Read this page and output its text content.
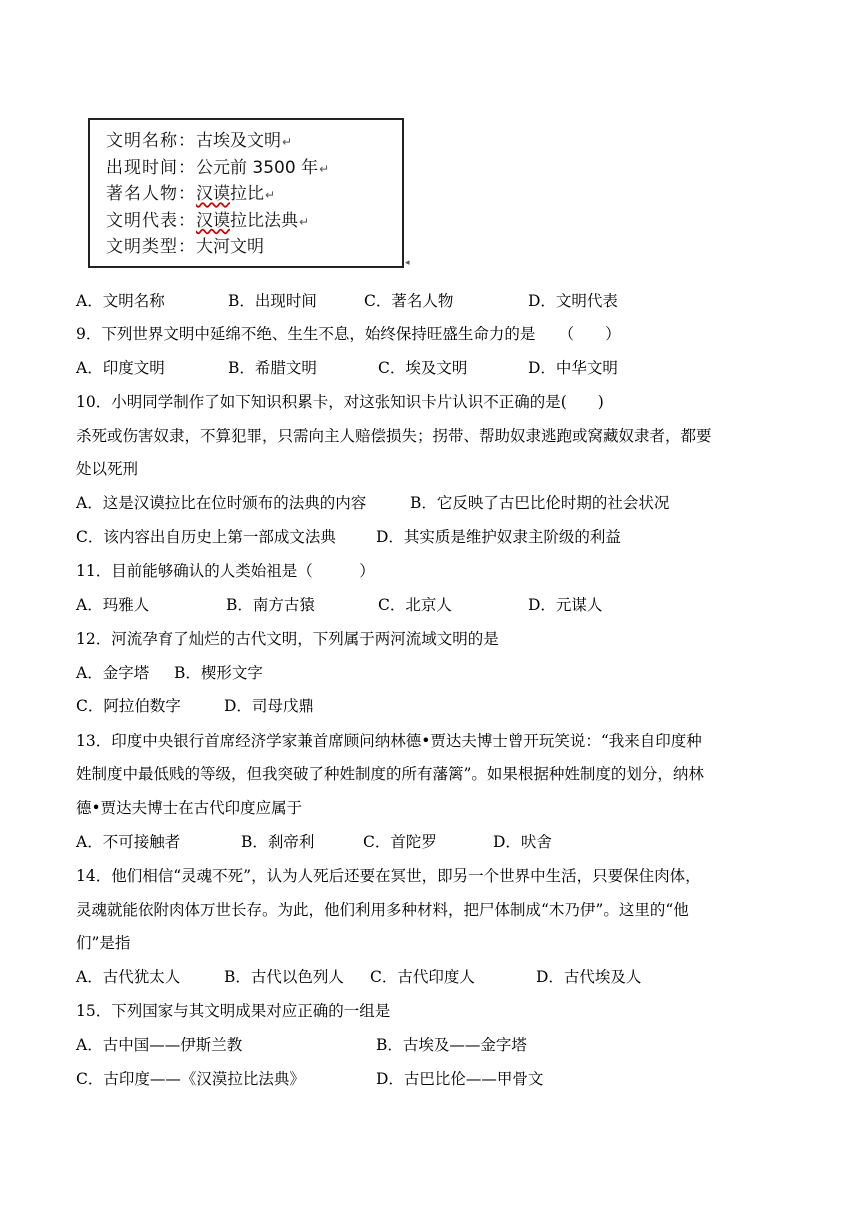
文明名称：古埃及文明↵
出现时间：公元前 3500 年↵
著名人物：汉谟拉比↵
文明代表：汉谟拉比法典↵
文明类型：大河文明
◂
A．文明名称	B．出现时间	C．著名人物	D．文明代表
9．下列世界文明中延绵不绝、生生不息，始终保持旺盛生命力的是　　（　　）
A．印度文明	B．希腊文明	C．埃及文明	D．中华文明
10．小明同学制作了如下知识积累卡，对这张知识卡片认识不正确的是(　　)
杀死或伤害奴隶，不算犯罪，只需向主人赔偿损失；拐带、帮助奴隶逃跑或窝藏奴隶者，都要
处以死刑
A．这是汉谟拉比在位时颁布的法典的内容	B．它反映了古巴比伦时期的社会状况
C．该内容出自历史上第一部成文法典	D．其实质是维护奴隶主阶级的利益
11．目前能够确认的人类始祖是（　　　）
A．玛雅人	B．南方古猿	C．北京人	D．元谋人
12．河流孕育了灿烂的古代文明，下列属于两河流域文明的是
A．金字塔 B．楔形文字
C．阿拉伯数字	D．司母戊鼎
13．印度中央银行首席经济学家兼首席顾问纳林德•贾达夫博士曾开玩笑说：“我来自印度种
姓制度中最低贱的等级，但我突破了种姓制度的所有藩篱”。如果根据种姓制度的划分，纳林
德•贾达夫博士在古代印度应属于
A．不可接触者	B．刹帝利	C．首陀罗	D．吠舍
14．他们相信“灵魂不死”，认为人死后还要在冥世，即另一个世界中生活，只要保住肉体，
灵魂就能依附肉体万世长存。为此，他们利用多种材料，把尸体制成“木乃伊”。这里的“他
们”是指
A．古代犹太人	B．古代以色列人 C．古代印度人	D．古代埃及人
15．下列国家与其文明成果对应正确的一组是
A．古中国——伊斯兰教	B．古埃及——金字塔
C．古印度——《汉漠拉比法典》	D．古巴比伦——甲骨文
